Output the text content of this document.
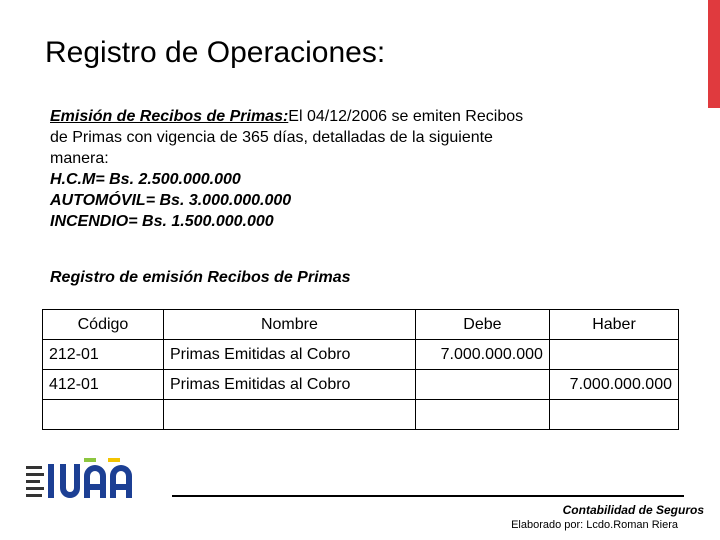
Registro de Operaciones:
Emisión de Recibos de Primas:El 04/12/2006 se emiten Recibos
de Primas con vigencia de 365 días, detalladas de la siguiente
manera:
H.C.M= Bs. 2.500.000.000
AUTOMÓVIL= Bs. 3.000.000.000
INCENDIO= Bs. 1.500.000.000
Registro de emisión Recibos de Primas
Código	Nombre	Debe	Haber
212-01	Primas Emitidas al Cobro	7.000.000.000	
412-01	Primas Emitidas al Cobro		7.000.000.000

Contabilidad de Seguros
Elaborado por: Lcdo.Roman Riera
